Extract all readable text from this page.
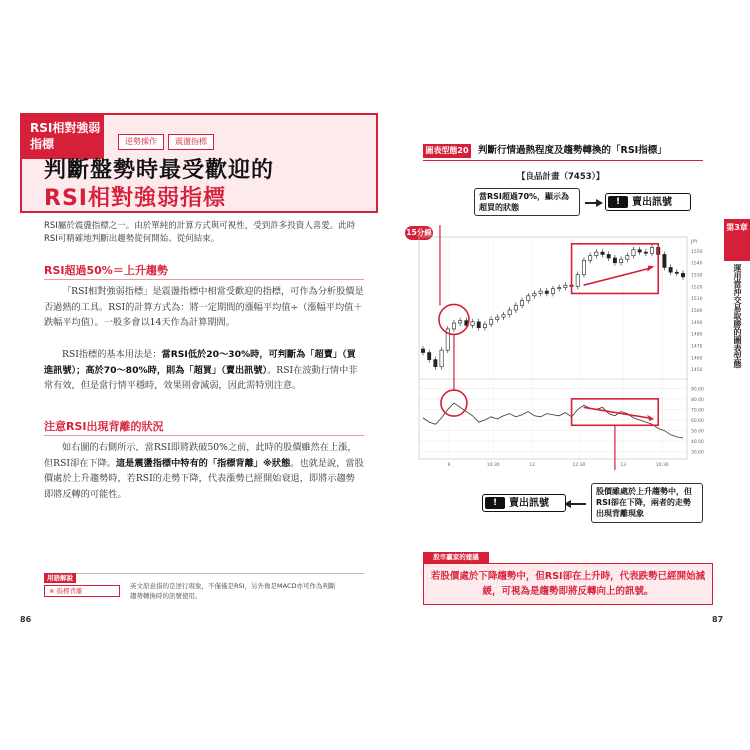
RSI相對強弱
指標	逆勢操作	震盪指標
判斷盤勢時最受歡迎的
RSI相對強弱指標
RSI屬於震盪指標之一。由於單純的計算方式與可視性，受到許多投資人喜愛。此時RSI可精確地判斷出趨勢從何開始、從何結束。
RSI超過50%＝上升趨勢
「RSI相對強弱指標」是震盪指標中相當受歡迎的指標，可作為分析股價是否過熱的工具。RSI的計算方式為：將一定期間的漲幅平均值÷（漲幅平均值＋跌幅平均值）。一般多會以14天作為計算期間。
RSI指標的基本用法是：當RSI低於20～30%時，可判斷為「超賣」（買進訊號）；高於70～80%時，則為「超買」（賣出訊號）。RSI在波動行情中非常有效，但是當行情平穩時，效果則會減弱，因此需特別注意。
注意RSI出現背離的狀況
如右圖的右側所示，當RSI即將跌破50%之前，此時的股價雖然在上漲，但RSI卻在下降。這是震盪指標中特有的「指標背離」※狀態。也就是說，當股價處於上升趨勢時，若RSI的走勢下降，代表漲勢已經開始衰退，即將示趨勢即將反轉的可能性。
用語解說
※ 指標背離
英文原意指的是逆行現象，不僅僅是RSI，另外像是MACD亦可作為判斷趨勢轉換時的訊號使用。
86
圖表型態20 判斷行情過熱程度及趨勢轉換的「RSI指標」
【良品計畫（7453）】
當RSI超過70%，顯示為超買的狀態
!	賣出訊號
15分線
1550
1540
1530
1520
1510
1500
1490
1480
1470
1460
1450
JPY
90.00
80.00
70.00
60.00
50.00
40.00
30.00
9	10:30	12	12:30	13	10:30
股價雖處於上升趨勢中，但RSI卻在下降，兩者的走勢出現背離現象
!	賣出訊號
第3章
運用當沖交易取勝的圖表型態
股市贏家的建議
若股價處於下降趨勢中，但RSI卻在上升時，代表跌勢已經開始減緩，可視為是趨勢即將反轉向上的訊號。
87
